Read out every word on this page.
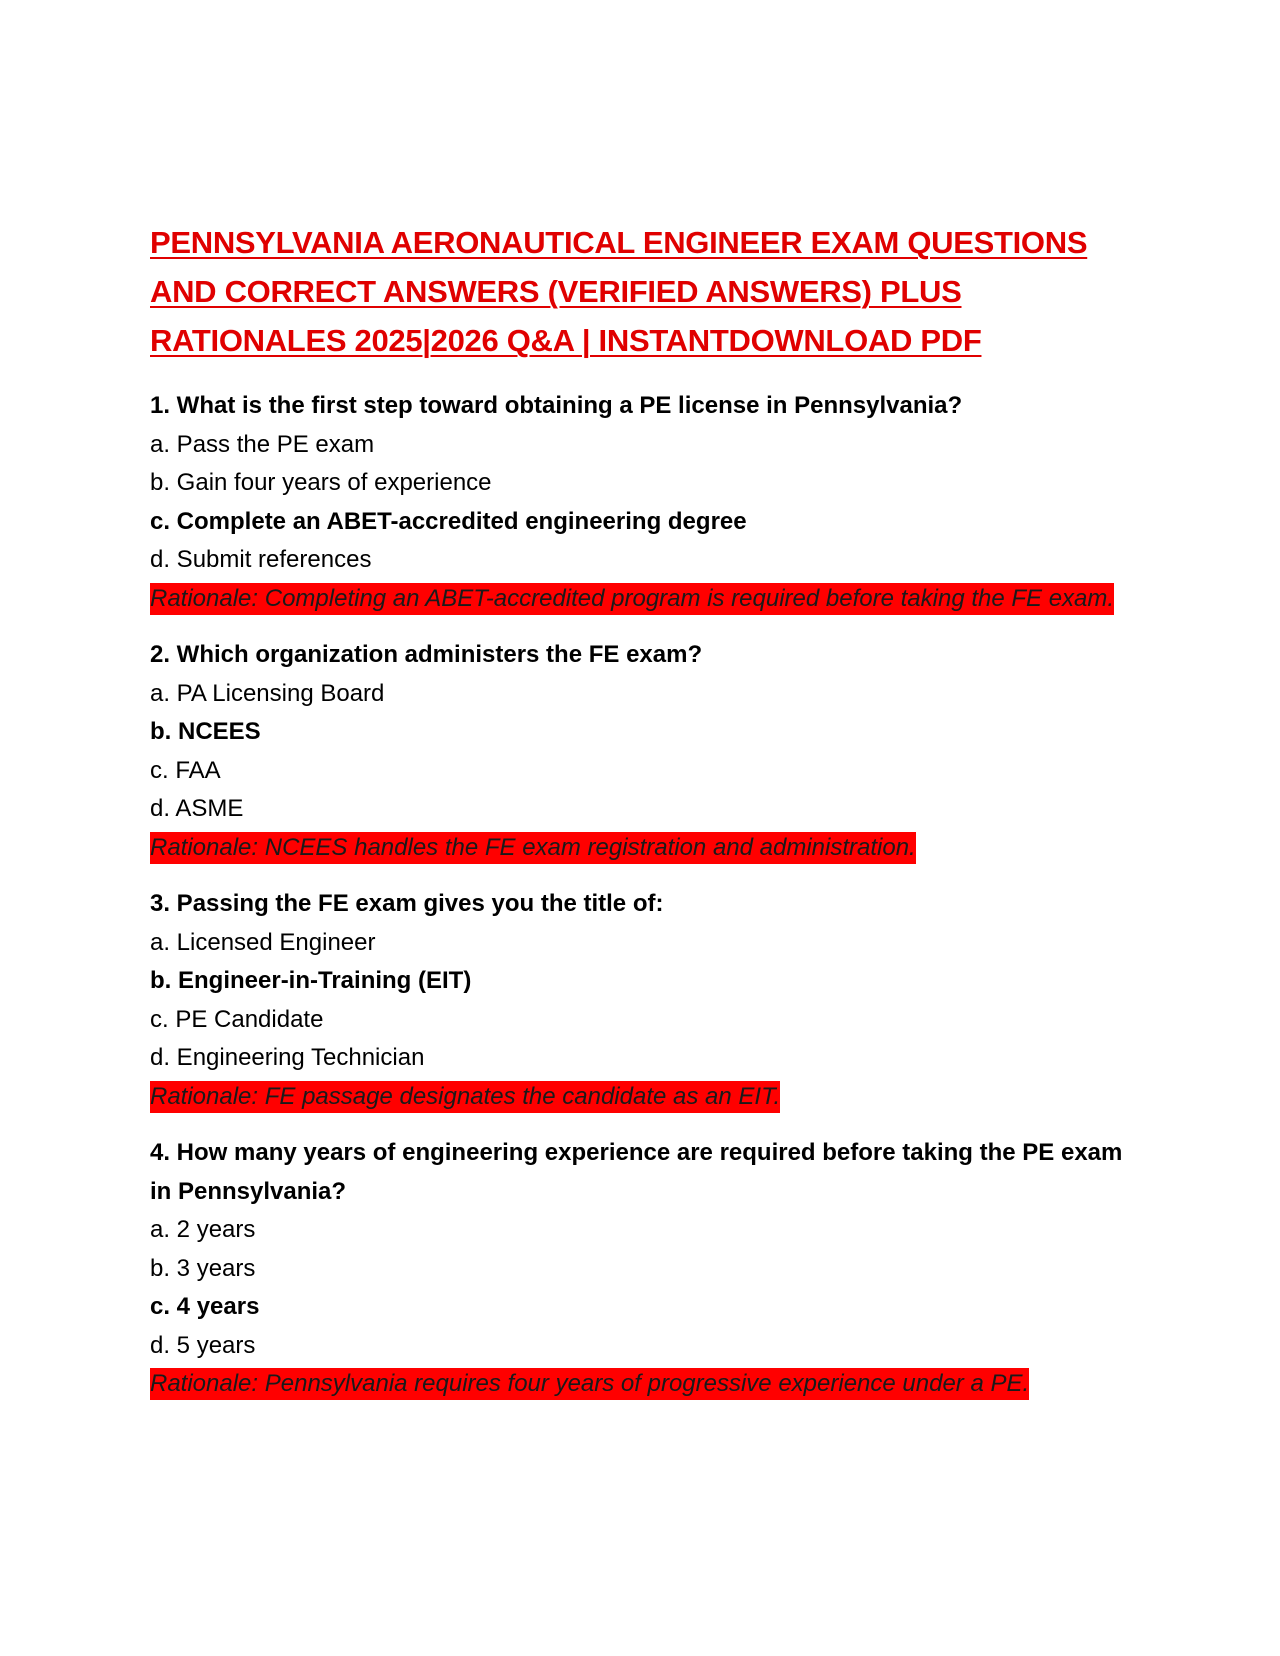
PENNSYLVANIA AERONAUTICAL ENGINEER EXAM QUESTIONS
AND CORRECT ANSWERS (VERIFIED ANSWERS) PLUS
RATIONALES 2025|2026 Q&A | INSTANTDOWNLOAD PDF

1. What is the first step toward obtaining a PE license in Pennsylvania?

a. Pass the PE exam

b. Gain four years of experience

c. Complete an ABET-accredited engineering degree

d. Submit references

Rationale: Completing an ABET-accredited program is required before taking the FE exam.

2. Which organization administers the FE exam?

a. PA Licensing Board

b. NCEES

c. FAA

d. ASME

Rationale: NCEES handles the FE exam registration and administration.

3. Passing the FE exam gives you the title of:

a. Licensed Engineer

b. Engineer-in-Training (EIT)

c. PE Candidate

d. Engineering Technician

Rationale: FE passage designates the candidate as an EIT.

4. How many years of engineering experience are required before taking the PE exam in Pennsylvania?

a. 2 years

b. 3 years

c. 4 years

d. 5 years

Rationale: Pennsylvania requires four years of progressive experience under a PE.
